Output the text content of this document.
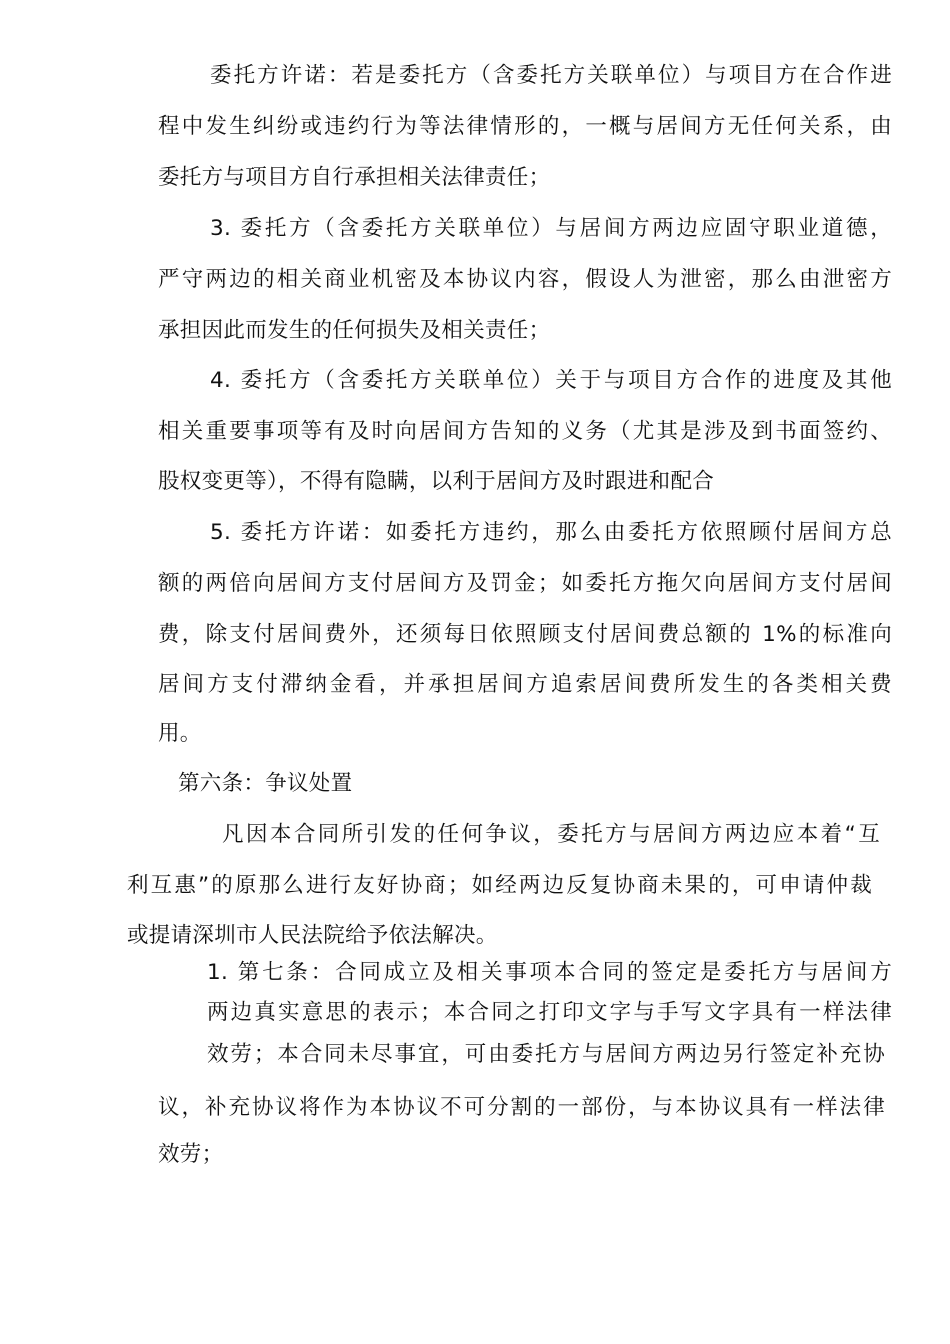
委托方许诺：若是委托方（含委托方关联单位）与项目方在合作进
程中发生纠纷或违约行为等法律情形的，一概与居间方无任何关系，由
委托方与项目方自行承担相关法律责任；
3. 委托方（含委托方关联单位）与居间方两边应固守职业道德，
严守两边的相关商业机密及本协议内容，假设人为泄密，那么由泄密方
承担因此而发生的任何损失及相关责任；
4. 委托方（含委托方关联单位）关于与项目方合作的进度及其他
相关重要事项等有及时向居间方告知的义务（尤其是涉及到书面签约、
股权变更等），不得有隐瞒，以利于居间方及时跟进和配合
5. 委托方许诺：如委托方违约，那么由委托方依照顾付居间方总
额的两倍向居间方支付居间方及罚金；如委托方拖欠向居间方支付居间
费，除支付居间费外，还须每日依照顾支付居间费总额的 1%的标准向
居间方支付滞纳金看，并承担居间方追索居间费所发生的各类相关费
用。
第六条：争议处置
凡因本合同所引发的任何争议，委托方与居间方两边应本着“互
利互惠”的原那么进行友好协商；如经两边反复协商未果的，可申请仲裁
或提请深圳市人民法院给予依法解决。
1. 第七条：合同成立及相关事项本合同的签定是委托方与居间方
两边真实意思的表示；本合同之打印文字与手写文字具有一样法律
效劳；本合同未尽事宜，可由委托方与居间方两边另行签定补充协
议，补充协议将作为本协议不可分割的一部份，与本协议具有一样法律
效劳；
